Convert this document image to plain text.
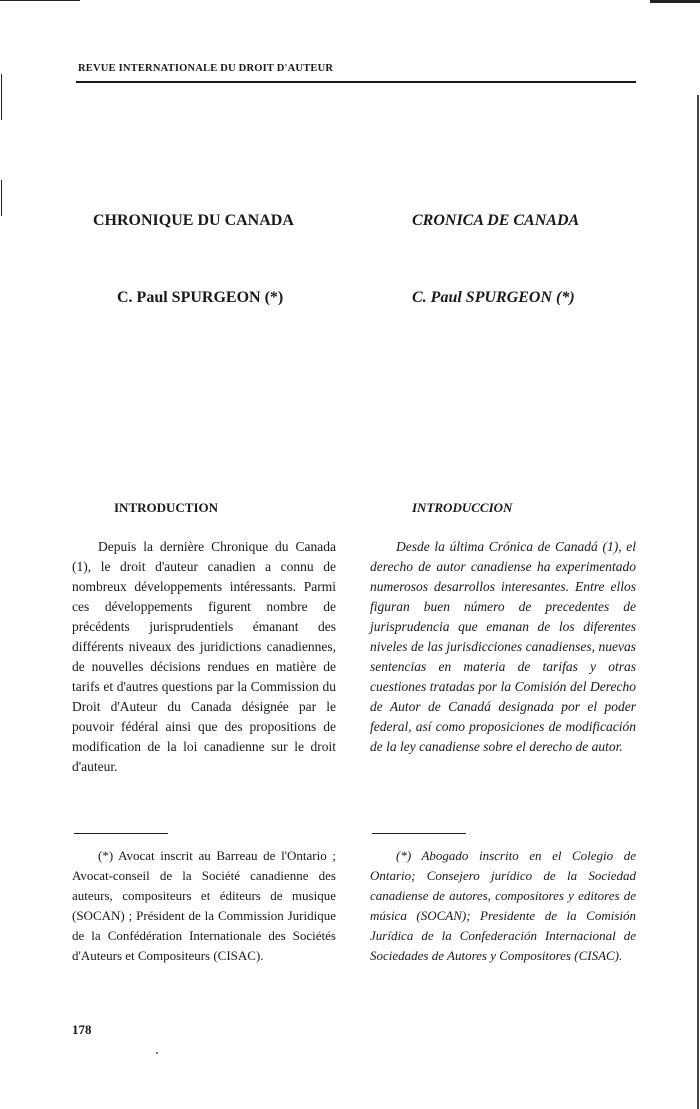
REVUE INTERNATIONALE DU DROIT D'AUTEUR
CHRONIQUE DU CANADA
C. Paul SPURGEON (*)
INTRODUCTION
Depuis la dernière Chronique du Canada (1), le droit d'auteur canadien a connu de nombreux développements intéressants. Parmi ces développements figurent nombre de précédents jurisprudentiels émanant des différents niveaux des juridictions canadiennes, de nouvelles décisions rendues en matière de tarifs et d'autres questions par la Commission du Droit d'Auteur du Canada désignée par le pouvoir fédéral ainsi que des propositions de modification de la loi canadienne sur le droit d'auteur.
(*) Avocat inscrit au Barreau de l'Ontario ; Avocat-conseil de la Société canadienne des auteurs, compositeurs et éditeurs de musique (SOCAN) ; Président de la Commission Juridique de la Confédération Internationale des Sociétés d'Auteurs et Compositeurs (CISAC).
CRONICA DE CANADA
C. Paul SPURGEON (*)
INTRODUCCION
Desde la última Crónica de Canadá (1), el derecho de autor canadiense ha experimentado numerosos desarrollos interesantes. Entre ellos figuran buen número de precedentes de jurisprudencia que emanan de los diferentes niveles de las jurisdicciones canadienses, nuevas sentencias en materia de tarifas y otras cuestiones tratadas por la Comisión del Derecho de Autor de Canadá designada por el poder federal, así como proposiciones de modificación de la ley canadiense sobre el derecho de autor.
(*) Abogado inscrito en el Colegio de Ontario; Consejero jurídico de la Sociedad canadiense de autores, compositores y editores de música (SOCAN); Presidente de la Comisión Jurídica de la Confederación Internacional de Sociedades de Autores y Compositores (CISAC).
178
